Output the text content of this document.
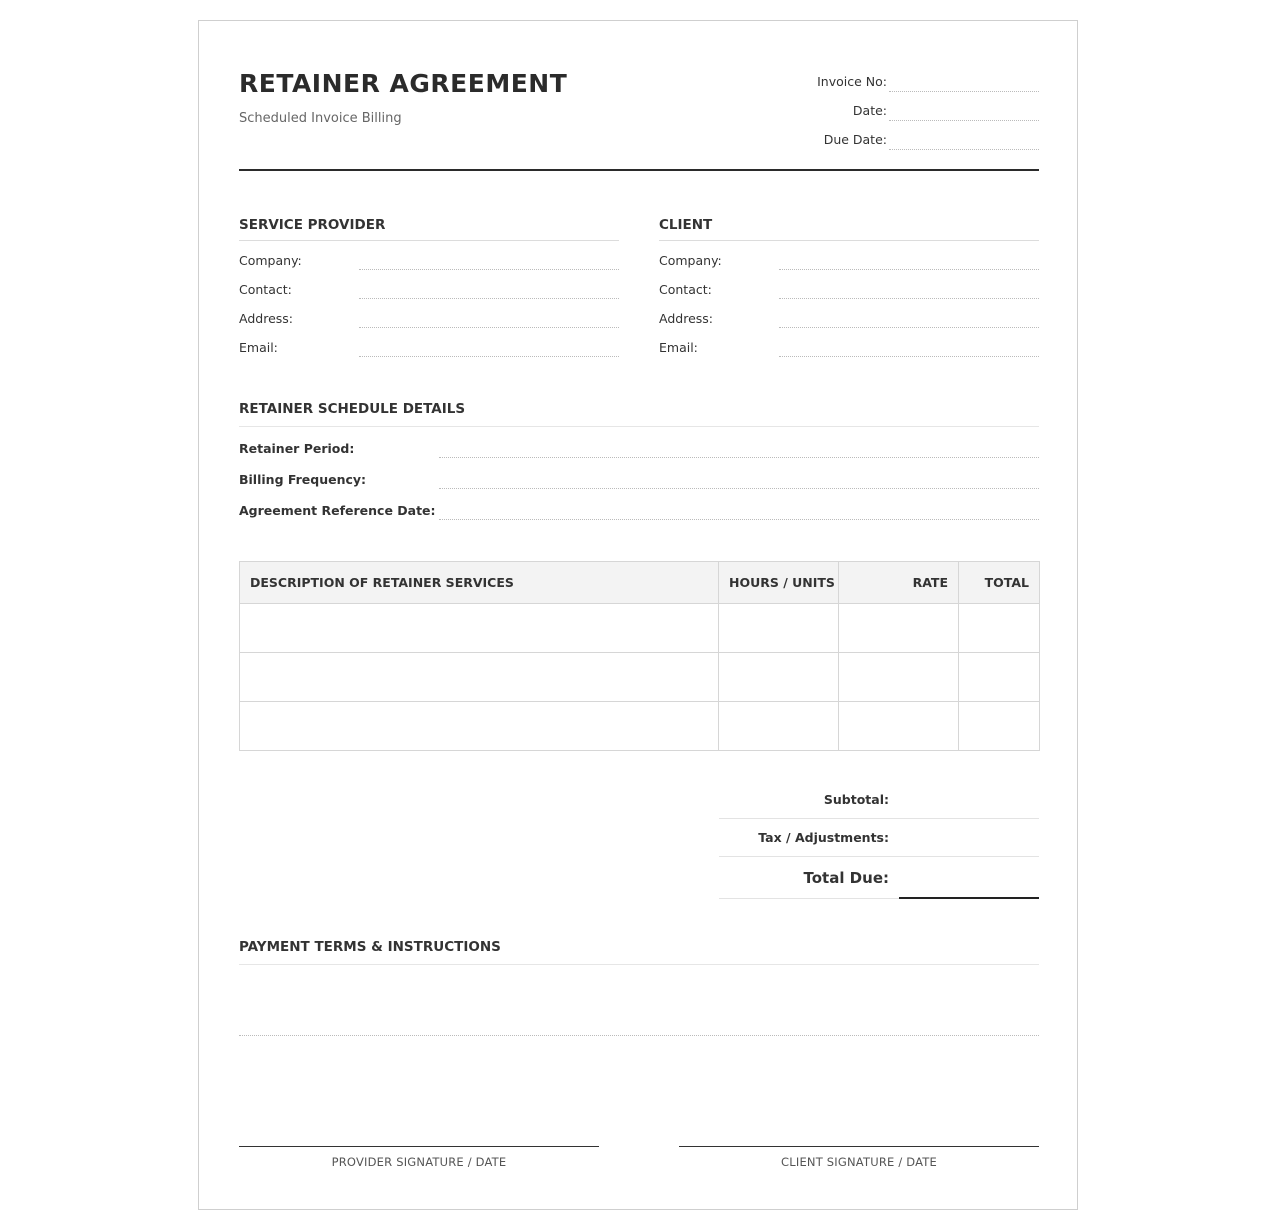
RETAINER AGREEMENT
Scheduled Invoice Billing
Invoice No:
Date:
Due Date:
SERVICE PROVIDER
Company:
Contact:
Address:
Email:
CLIENT
Company:
Contact:
Address:
Email:
RETAINER SCHEDULE DETAILS
Retainer Period:
Billing Frequency:
Agreement Reference Date:
DESCRIPTION OF RETAINER SERVICES	HOURS / UNITS	RATE	TOTAL

Subtotal:
Tax / Adjustments:
Total Due:
PAYMENT TERMS & INSTRUCTIONS
PROVIDER SIGNATURE / DATE	CLIENT SIGNATURE / DATE
